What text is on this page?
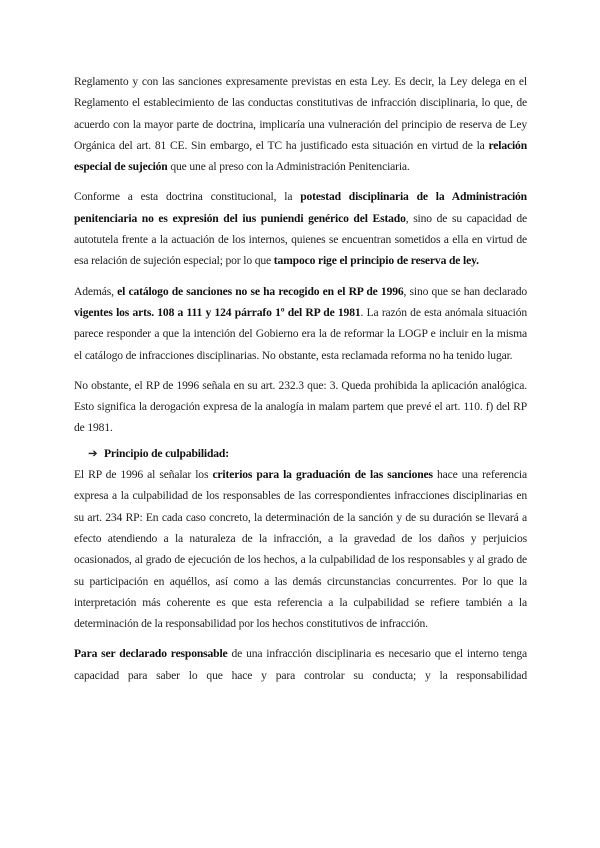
Reglamento y con las sanciones expresamente previstas en esta Ley. Es decir, la Ley delega en el Reglamento el establecimiento de las conductas constitutivas de infracción disciplinaria, lo que, de acuerdo con la mayor parte de doctrina, implicaría una vulneración del principio de reserva de Ley Orgánica del art. 81 CE. Sin embargo, el TC ha justificado esta situación en virtud de la relación especial de sujeción que une al preso con la Administración Penitenciaria.

Conforme a esta doctrina constitucional, la potestad disciplinaria de la Administración penitenciaria no es expresión del ius puniendi genérico del Estado, sino de su capacidad de autotutela frente a la actuación de los internos, quienes se encuentran sometidos a ella en virtud de esa relación de sujeción especial; por lo que tampoco rige el principio de reserva de ley.

Además, el catálogo de sanciones no se ha recogido en el RP de 1996, sino que se han declarado vigentes los arts. 108 a 111 y 124 párrafo 1º del RP de 1981. La razón de esta anómala situación parece responder a que la intención del Gobierno era la de reformar la LOGP e incluir en la misma el catálogo de infracciones disciplinarias. No obstante, esta reclamada reforma no ha tenido lugar.

No obstante, el RP de 1996 señala en su art. 232.3 que: 3. Queda prohibida la aplicación analógica. Esto significa la derogación expresa de la analogía in malam partem que prevé el art. 110. f) del RP de 1981.

➔ Principio de culpabilidad:

El RP de 1996 al señalar los criterios para la graduación de las sanciones hace una referencia expresa a la culpabilidad de los responsables de las correspondientes infracciones disciplinarias en su art. 234 RP: En cada caso concreto, la determinación de la sanción y de su duración se llevará a efecto atendiendo a la naturaleza de la infracción, a la gravedad de los daños y perjuicios ocasionados, al grado de ejecución de los hechos, a la culpabilidad de los responsables y al grado de su participación en aquéllos, así como a las demás circunstancias concurrentes. Por lo que la interpretación más coherente es que esta referencia a la culpabilidad se refiere también a la determinación de la responsabilidad por los hechos constitutivos de infracción.

Para ser declarado responsable de una infracción disciplinaria es necesario que el interno tenga capacidad para saber lo que hace y para controlar su conducta; y la responsabilidad
